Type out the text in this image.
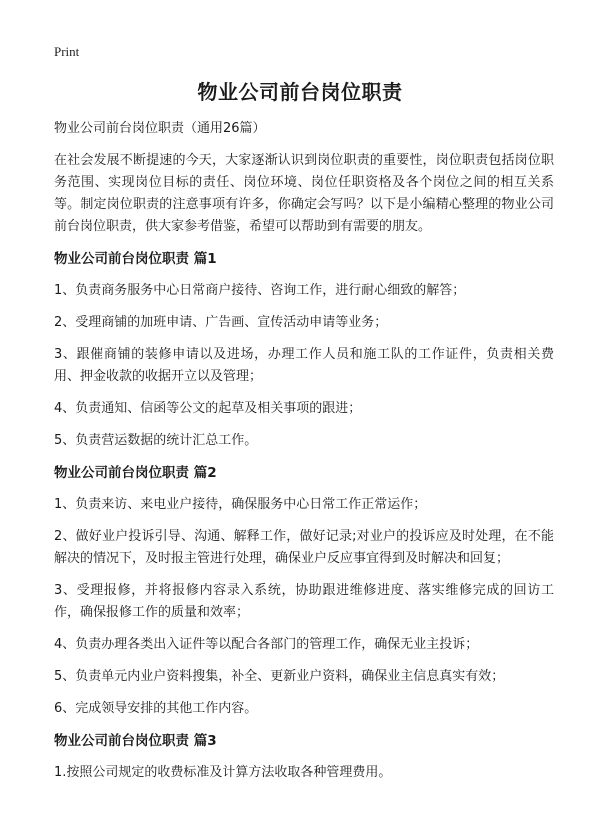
Print
物业公司前台岗位职责

物业公司前台岗位职责（通用26篇）

在社会发展不断提速的今天，大家逐渐认识到岗位职责的重要性，岗位职责包括岗位职务范围、实现岗位目标的责任、岗位环境、岗位任职资格及各个岗位之间的相互关系等。制定岗位职责的注意事项有许多，你确定会写吗？以下是小编精心整理的物业公司前台岗位职责，供大家参考借鉴，希望可以帮助到有需要的朋友。

物业公司前台岗位职责 篇1

1、负责商务服务中心日常商户接待、咨询工作，进行耐心细致的解答；

2、受理商铺的加班申请、广告画、宣传活动申请等业务；

3、跟催商铺的装修申请以及进场，办理工作人员和施工队的工作证件，负责相关费用、押金收款的收据开立以及管理；

4、负责通知、信函等公文的起草及相关事项的跟进；

5、负责营运数据的统计汇总工作。

物业公司前台岗位职责 篇2

1、负责来访、来电业户接待，确保服务中心日常工作正常运作；

2、做好业户投诉引导、沟通、解释工作，做好记录;对业户的投诉应及时处理，在不能解决的情况下，及时报主管进行处理，确保业户反应事宜得到及时解决和回复；

3、受理报修，并将报修内容录入系统，协助跟进维修进度、落实维修完成的回访工作，确保报修工作的质量和效率；

4、负责办理各类出入证件等以配合各部门的管理工作，确保无业主投诉；

5、负责单元内业户资料搜集，补全、更新业户资料，确保业主信息真实有效；

6、完成领导安排的其他工作内容。

物业公司前台岗位职责 篇3

1.按照公司规定的收费标准及计算方法收取各种管理费用。
